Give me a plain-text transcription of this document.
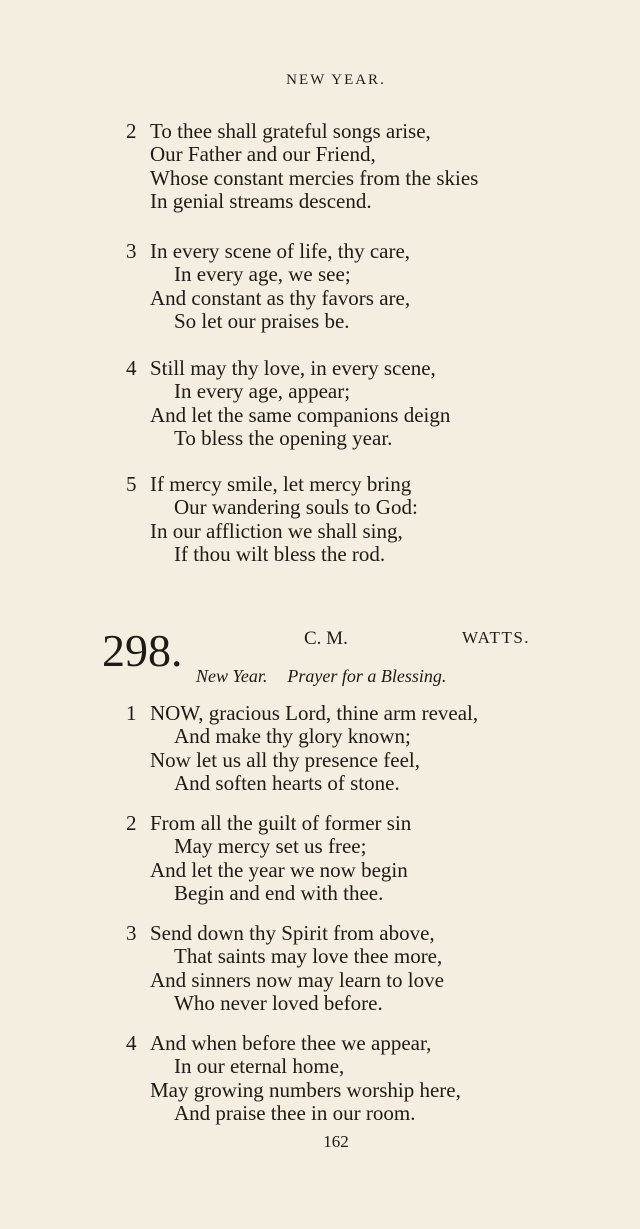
NEW YEAR.
2 To thee shall grateful songs arise,
Our Father and our Friend,
Whose constant mercies from the skies
In genial streams descend.
3 In every scene of life, thy care,
In every age, we see;
And constant as thy favors are,
So let our praises be.
4 Still may thy love, in every scene,
In every age, appear;
And let the same companions deign
To bless the opening year.
5 If mercy smile, let mercy bring
Our wandering souls to God:
In our affliction we shall sing,
If thou wilt bless the rod.
298.	C. M.	WATTS.
New Year. Prayer for a Blessing.
1 NOW, gracious Lord, thine arm reveal,
And make thy glory known;
Now let us all thy presence feel,
And soften hearts of stone.
2 From all the guilt of former sin
May mercy set us free;
And let the year we now begin
Begin and end with thee.
3 Send down thy Spirit from above,
That saints may love thee more,
And sinners now may learn to love
Who never loved before.
4 And when before thee we appear,
In our eternal home,
May growing numbers worship here,
And praise thee in our room.
162
